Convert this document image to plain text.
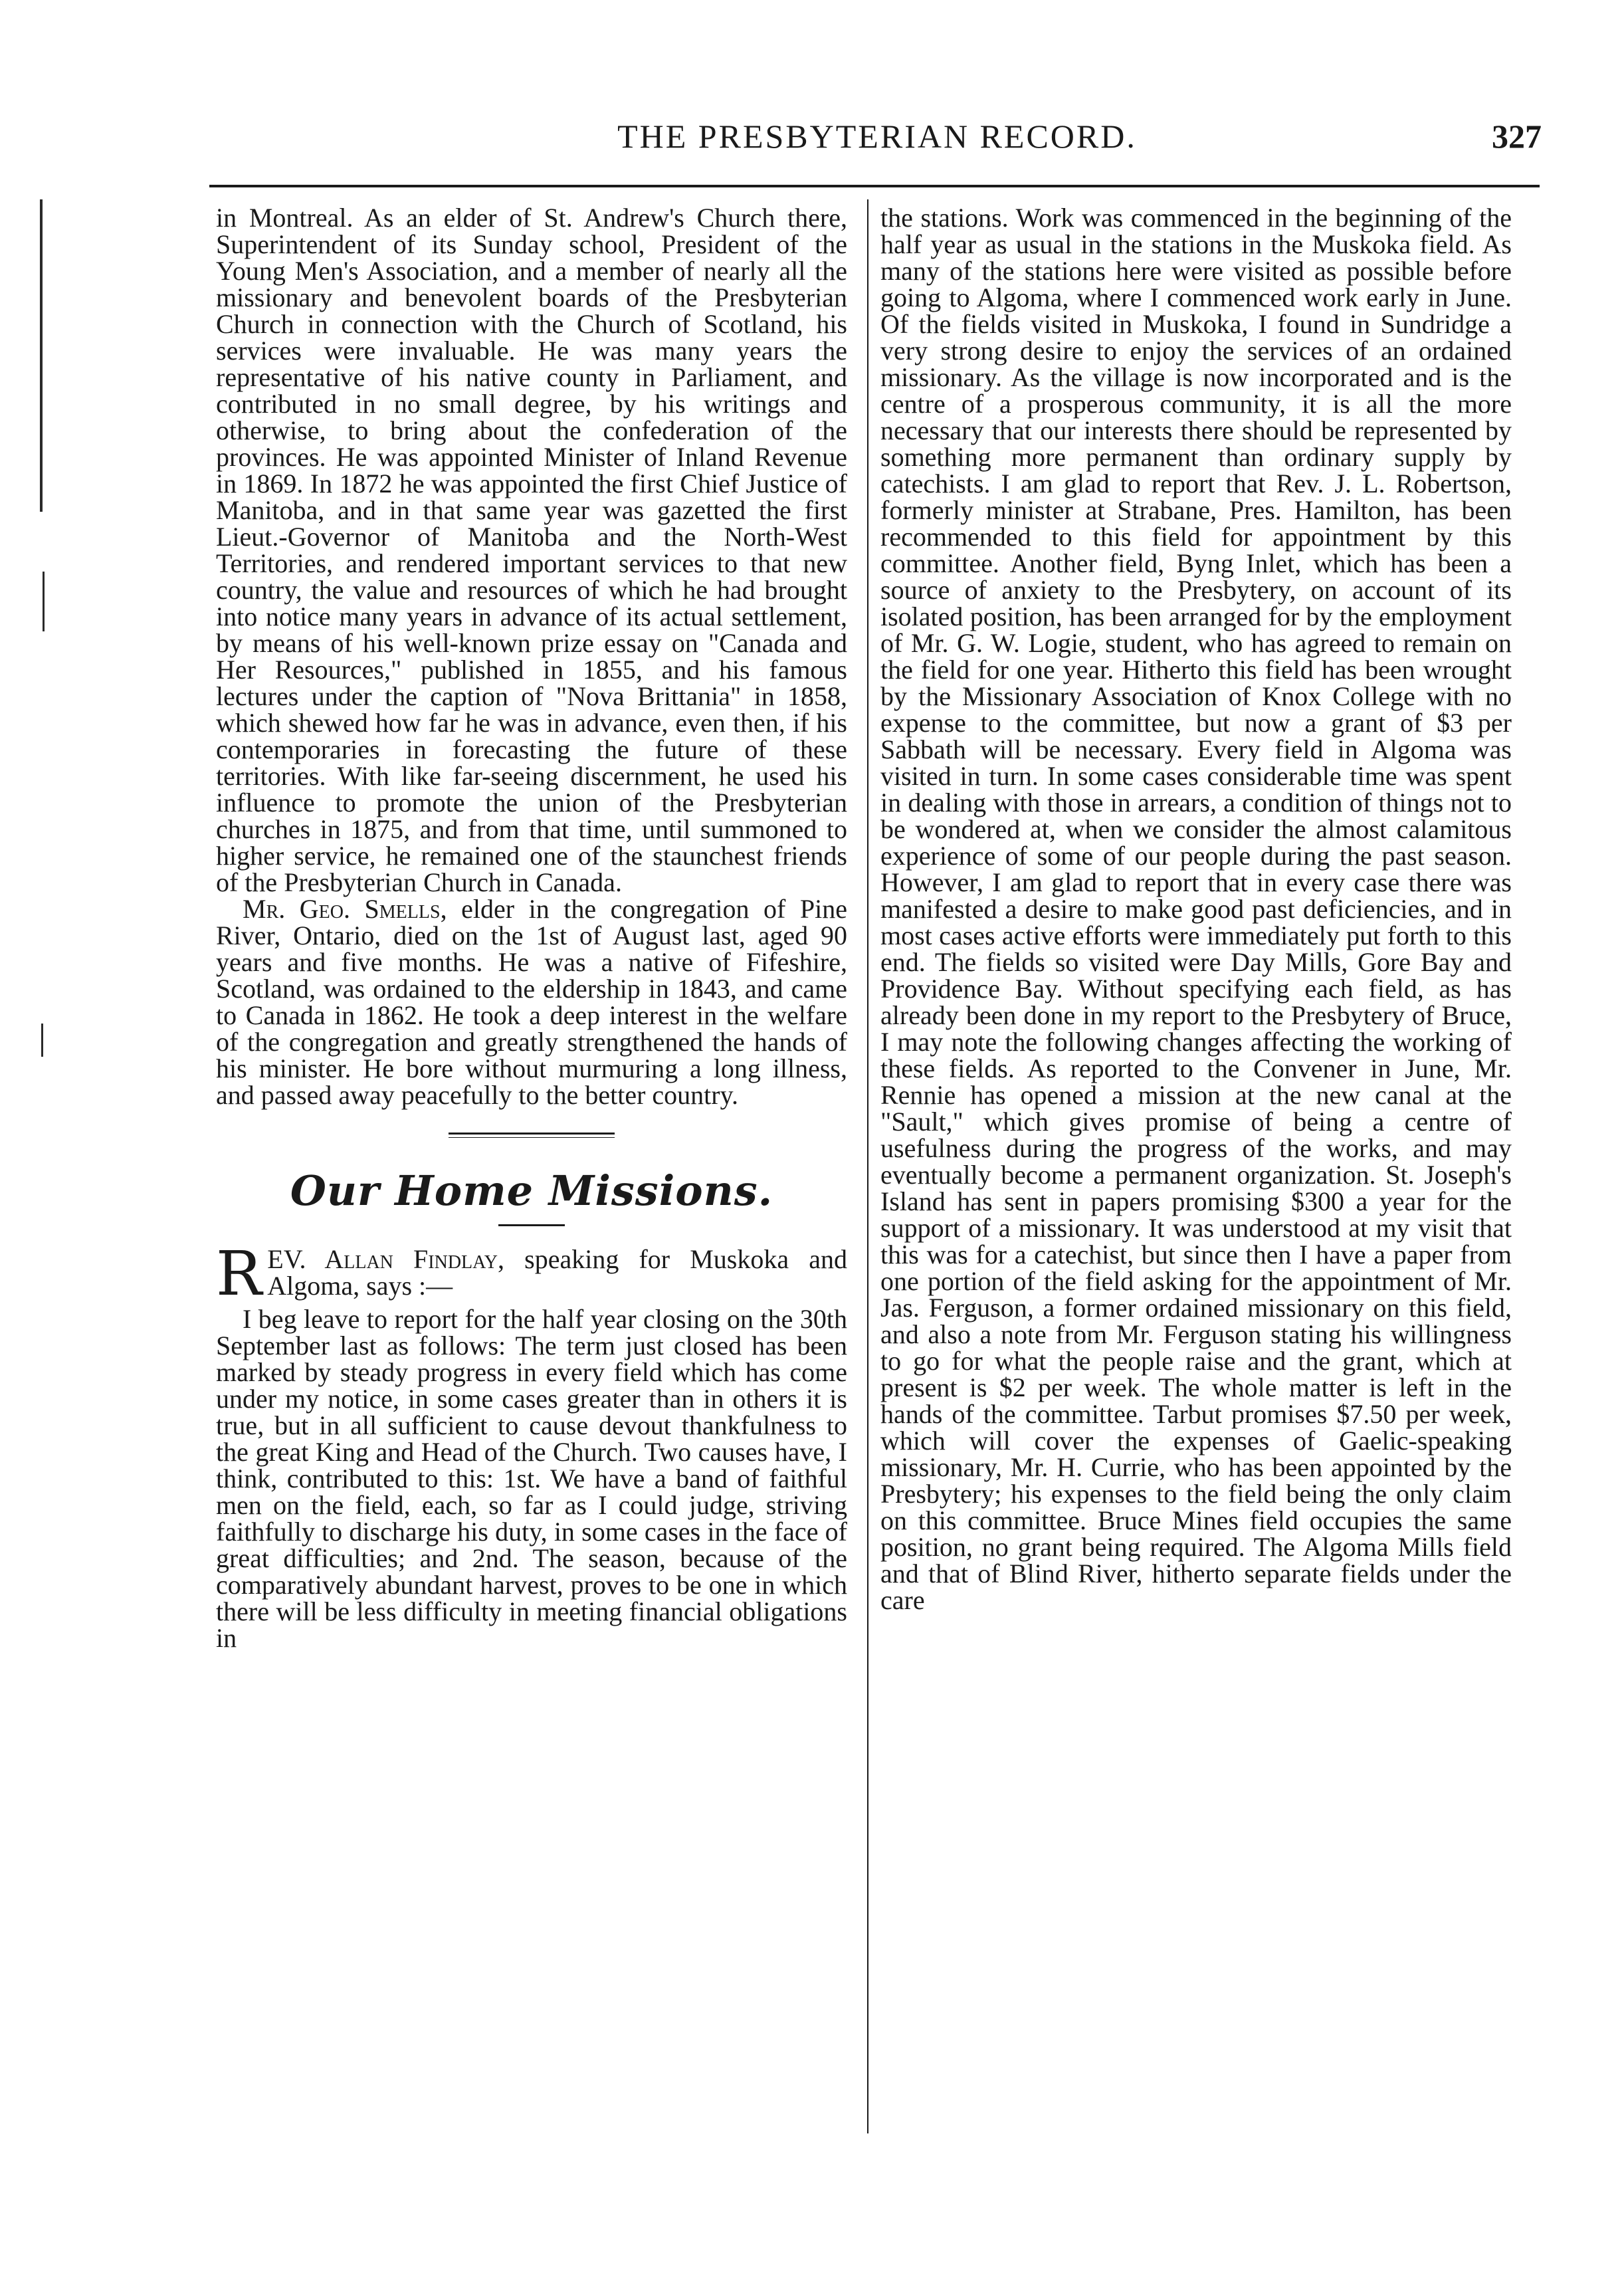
THE PRESBYTERIAN RECORD.	327

in Montreal. As an elder of St. Andrew's Church there, Superintendent of its Sunday school, President of the Young Men's Association, and a member of nearly all the missionary and benevolent boards of the Presbyterian Church in connection with the Church of Scotland, his services were invaluable. He was many years the representative of his native county in Parliament, and contributed in no small degree, by his writings and otherwise, to bring about the confederation of the provinces. He was appointed Minister of Inland Revenue in 1869. In 1872 he was appointed the first Chief Justice of Manitoba, and in that same year was gazetted the first Lieut.-Governor of Manitoba and the North-West Territories, and rendered important services to that new country, the value and resources of which he had brought into notice many years in advance of its actual settlement, by means of his well-known prize essay on "Canada and Her Resources," published in 1855, and his famous lectures under the caption of "Nova Brittania" in 1858, which shewed how far he was in advance, even then, if his contemporaries in forecasting the future of these territories. With like far-seeing discernment, he used his influence to promote the union of the Presbyterian churches in 1875, and from that time, until summoned to higher service, he remained one of the staunchest friends of the Presbyterian Church in Canada.

Mr. Geo. Smells, elder in the congregation of Pine River, Ontario, died on the 1st of August last, aged 90 years and five months. He was a native of Fifeshire, Scotland, was ordained to the eldership in 1843, and came to Canada in 1862. He took a deep interest in the welfare of the congregation and greatly strengthened the hands of his minister. He bore without murmuring a long illness, and passed away peacefully to the better country.

Our Home Missions.

REV. Allan Findlay, speaking for Muskoka and Algoma, says :—

I beg leave to report for the half year closing on the 30th September last as follows: The term just closed has been marked by steady progress in every field which has come under my notice, in some cases greater than in others it is true, but in all sufficient to cause devout thankfulness to the great King and Head of the Church. Two causes have, I think, contributed to this: 1st. We have a band of faithful men on the field, each, so far as I could judge, striving faithfully to discharge his duty, in some cases in the face of great difficulties; and 2nd. The season, because of the comparatively abundant harvest, proves to be one in which there will be less difficulty in meeting financial obligations in

the stations. Work was commenced in the beginning of the half year as usual in the stations in the Muskoka field. As many of the stations here were visited as possible before going to Algoma, where I commenced work early in June. Of the fields visited in Muskoka, I found in Sundridge a very strong desire to enjoy the services of an ordained missionary. As the village is now incorporated and is the centre of a prosperous community, it is all the more necessary that our interests there should be represented by something more permanent than ordinary supply by catechists. I am glad to report that Rev. J. L. Robertson, formerly minister at Strabane, Pres. Hamilton, has been recommended to this field for appointment by this committee. Another field, Byng Inlet, which has been a source of anxiety to the Presbytery, on account of its isolated position, has been arranged for by the employment of Mr. G. W. Logie, student, who has agreed to remain on the field for one year. Hitherto this field has been wrought by the Missionary Association of Knox College with no expense to the committee, but now a grant of $3 per Sabbath will be necessary. Every field in Algoma was visited in turn. In some cases considerable time was spent in dealing with those in arrears, a condition of things not to be wondered at, when we consider the almost calamitous experience of some of our people during the past season. However, I am glad to report that in every case there was manifested a desire to make good past deficiencies, and in most cases active efforts were immediately put forth to this end. The fields so visited were Day Mills, Gore Bay and Providence Bay. Without specifying each field, as has already been done in my report to the Presbytery of Bruce, I may note the following changes affecting the working of these fields. As reported to the Convener in June, Mr. Rennie has opened a mission at the new canal at the "Sault," which gives promise of being a centre of usefulness during the progress of the works, and may eventually become a permanent organization. St. Joseph's Island has sent in papers promising $300 a year for the support of a missionary. It was understood at my visit that this was for a catechist, but since then I have a paper from one portion of the field asking for the appointment of Mr. Jas. Ferguson, a former ordained missionary on this field, and also a note from Mr. Ferguson stating his willingness to go for what the people raise and the grant, which at present is $2 per week. The whole matter is left in the hands of the committee. Tarbut promises $7.50 per week, which will cover the expenses of Gaelic-speaking missionary, Mr. H. Currie, who has been appointed by the Presbytery; his expenses to the field being the only claim on this committee. Bruce Mines field occupies the same position, no grant being required. The Algoma Mills field and that of Blind River, hitherto separate fields under the care
